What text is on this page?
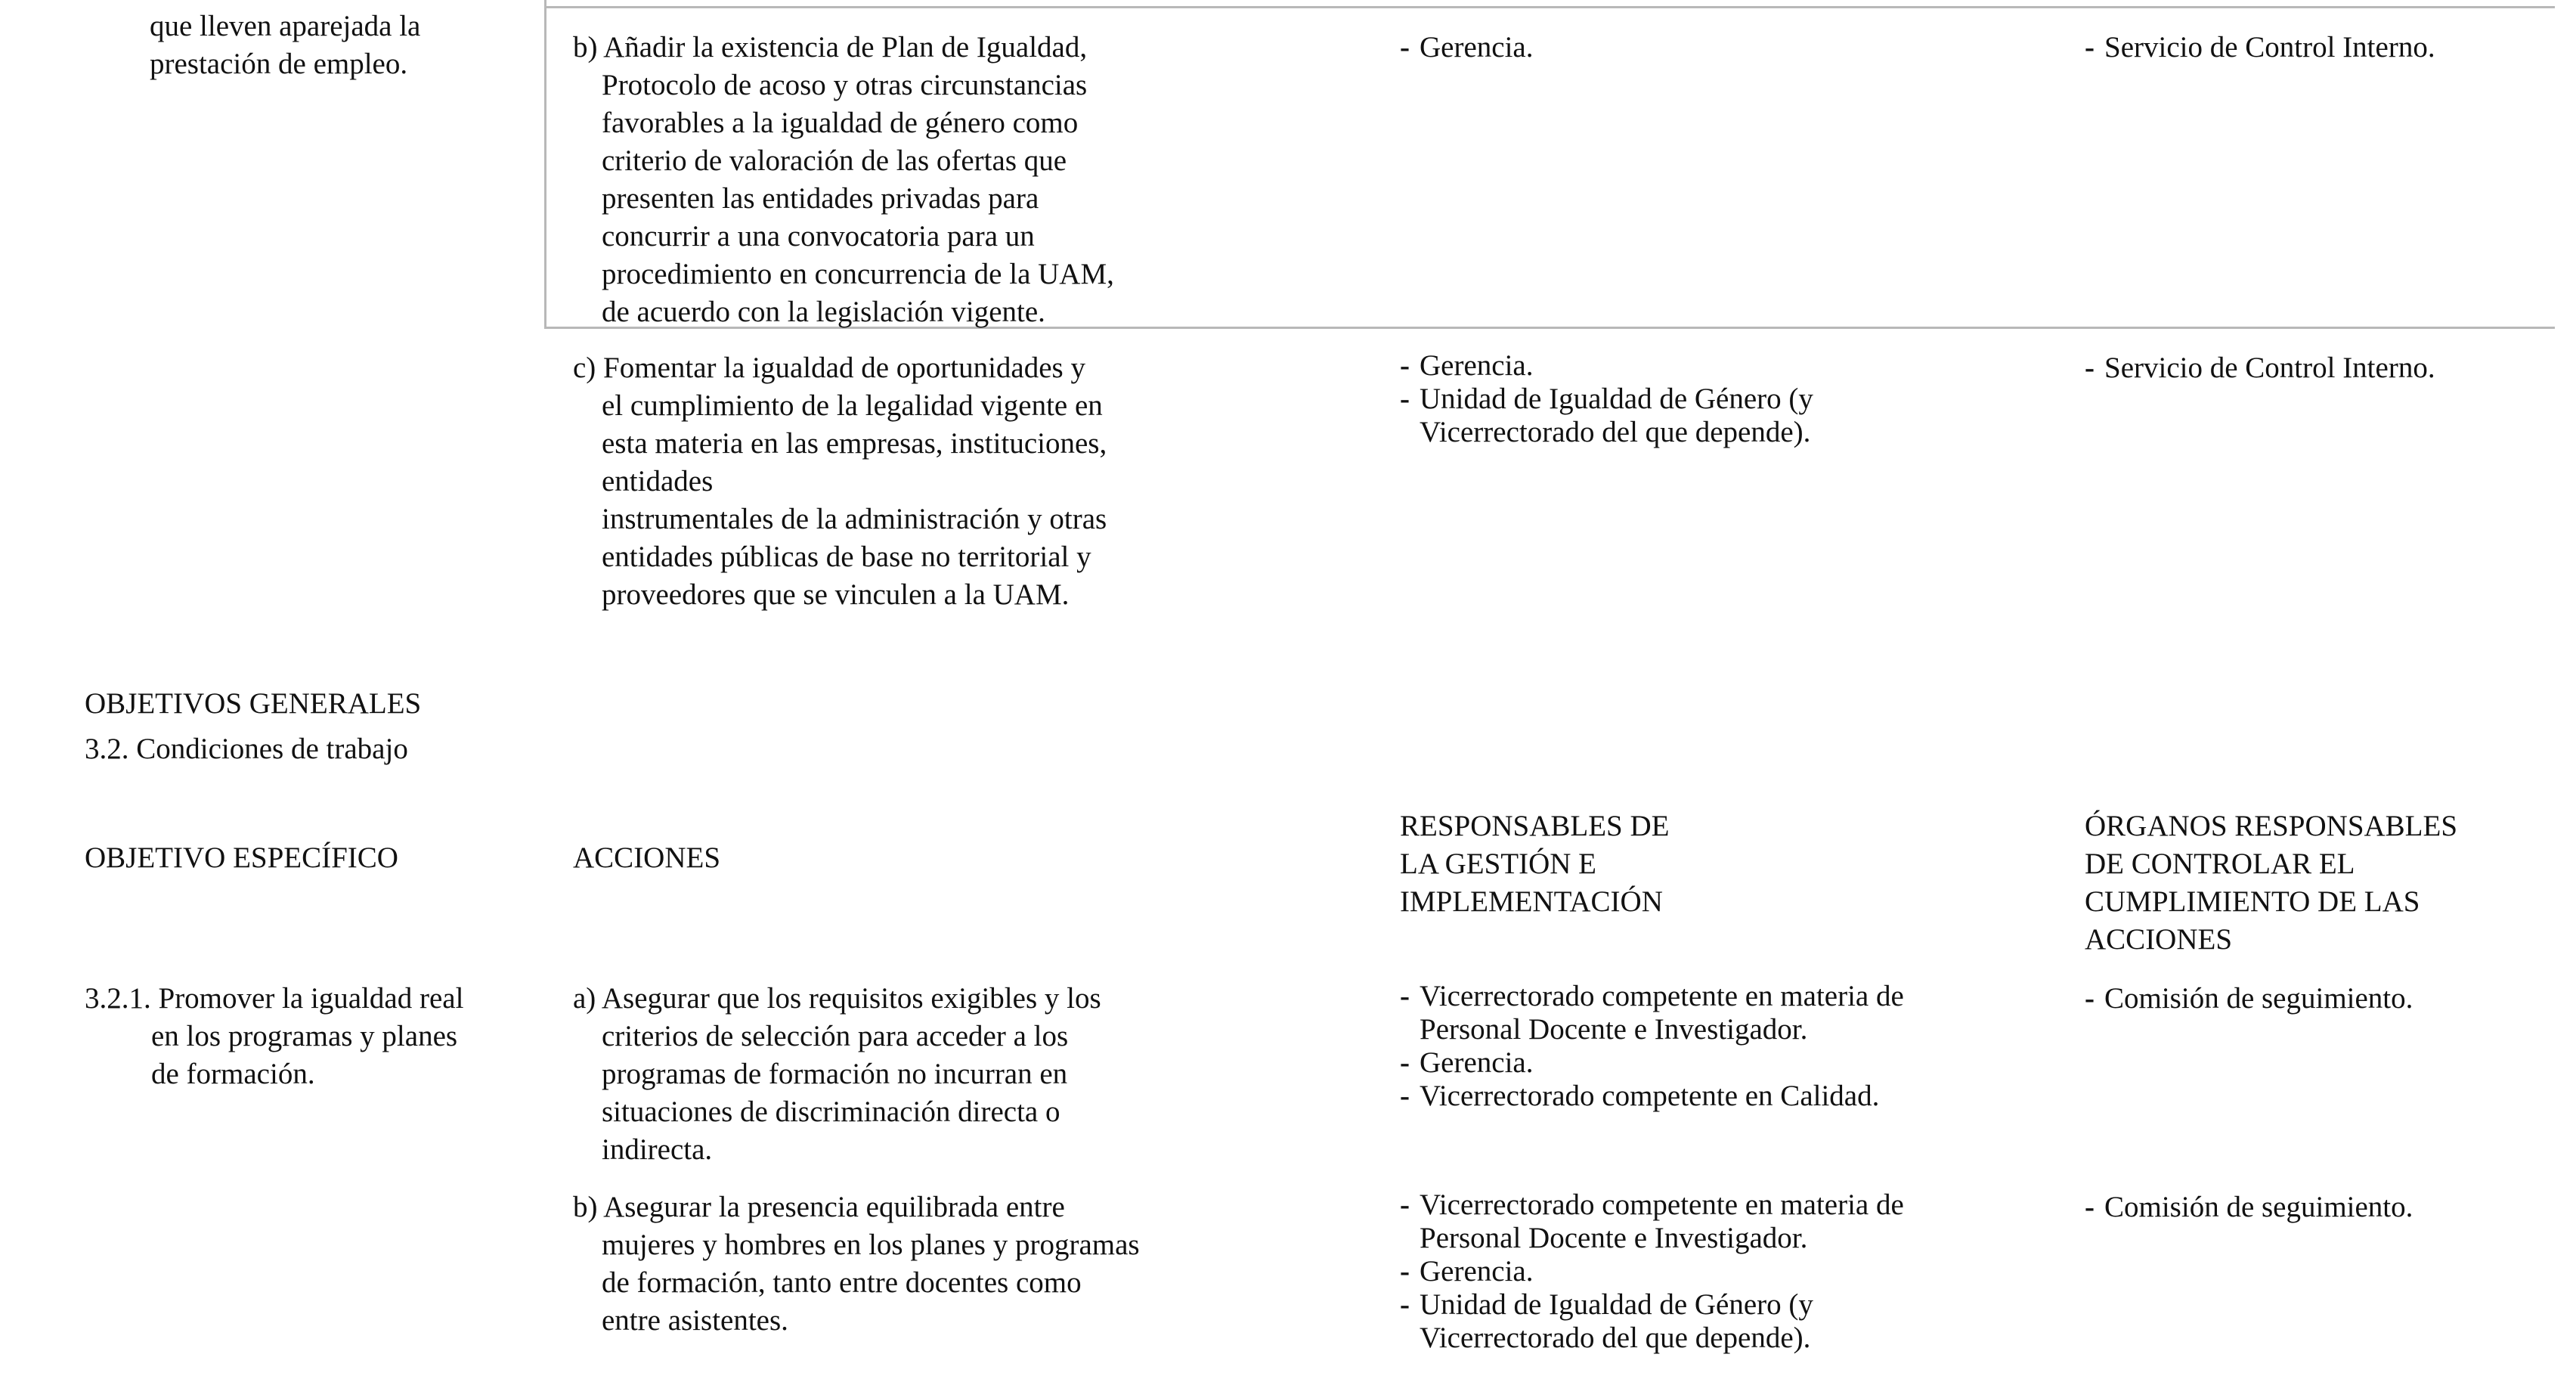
que lleven aparejada la
prestación de empleo.
b) Añadir la existencia de Plan de Igualdad,
Protocolo de acoso y otras circunstancias
favorables a la igualdad de género como
criterio de valoración de las ofertas que
presenten las entidades privadas para
concurrir a una convocatoria para un
procedimiento en concurrencia de la UAM,
de acuerdo con la legislación vigente.
- Gerencia.	- Servicio de Control Interno.
c) Fomentar la igualdad de oportunidades y
el cumplimiento de la legalidad vigente en
esta materia en las empresas, instituciones,
entidades
instrumentales de la administración y otras
entidades públicas de base no territorial y
proveedores que se vinculen a la UAM.
- Gerencia.
- Unidad de Igualdad de Género (y
Vicerrectorado del que depende).
- Servicio de Control Interno.
OBJETIVOS GENERALES
3.2. Condiciones de trabajo
OBJETIVO ESPECÍFICO	ACCIONES
RESPONSABLES DE
LA GESTIÓN E
IMPLEMENTACIÓN
ÓRGANOS RESPONSABLES
DE CONTROLAR EL
CUMPLIMIENTO DE LAS
ACCIONES
3.2.1. Promover la igualdad real
en los programas y planes
de formación.
a) Asegurar que los requisitos exigibles y los
criterios de selección para acceder a los
programas de formación no incurran en
situaciones de discriminación directa o
indirecta.
- Vicerrectorado competente en materia de
Personal Docente e Investigador.
- Gerencia.
- Vicerrectorado competente en Calidad.
- Comisión de seguimiento.
b) Asegurar la presencia equilibrada entre
mujeres y hombres en los planes y programas
de formación, tanto entre docentes como
entre asistentes.
- Vicerrectorado competente en materia de
Personal Docente e Investigador.
- Gerencia.
- Unidad de Igualdad de Género (y
Vicerrectorado del que depende).
- Comisión de seguimiento.
